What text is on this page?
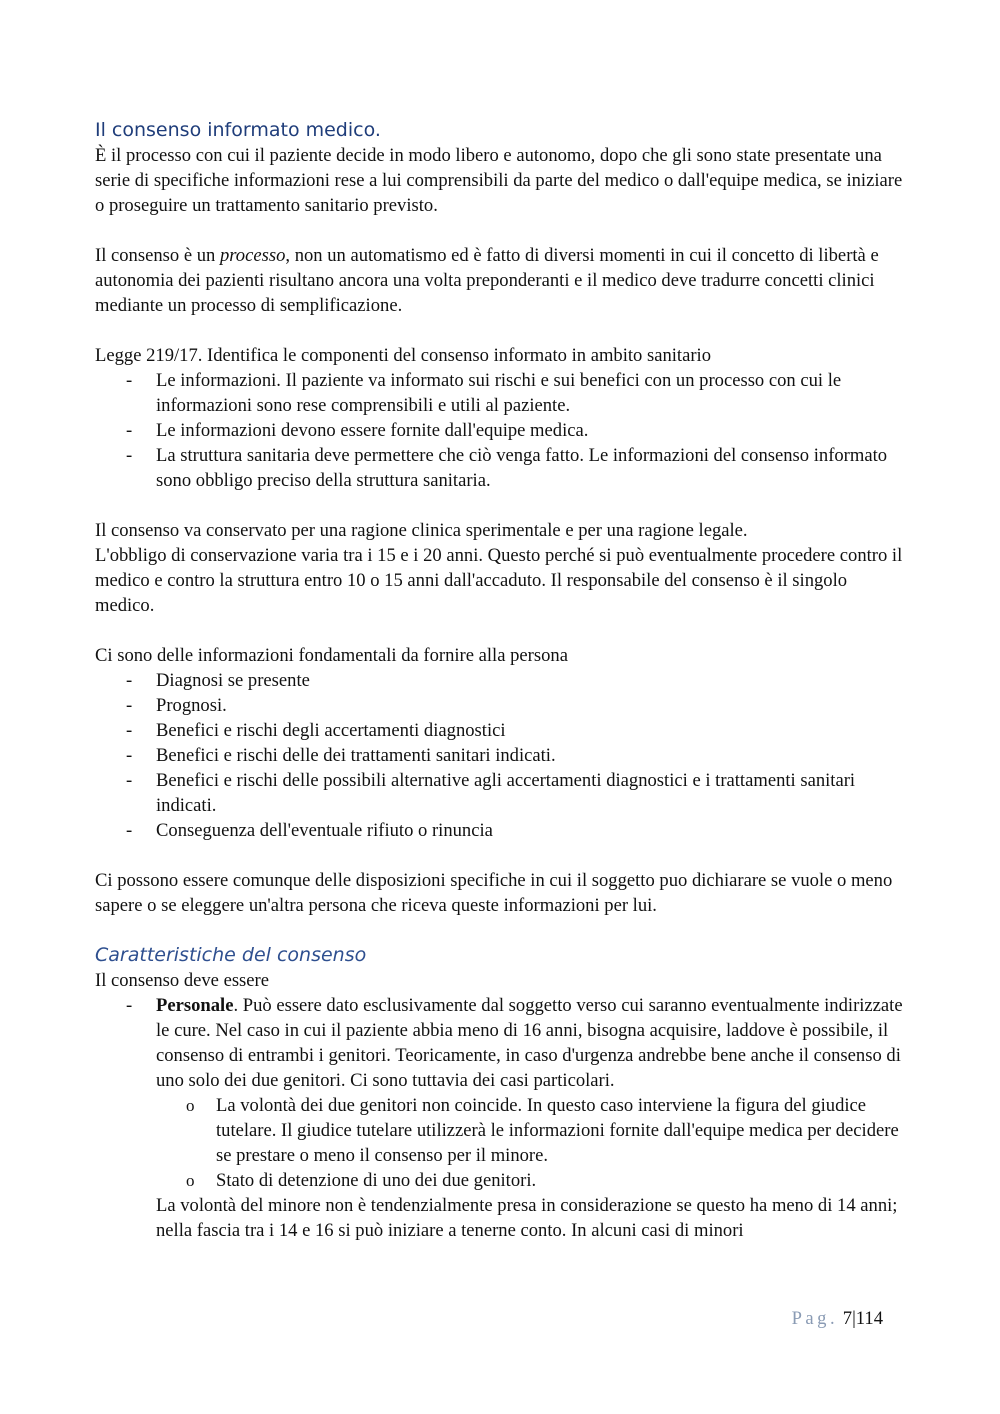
Il consenso informato medico.

È il processo con cui il paziente decide in modo libero e autonomo, dopo che gli sono state presentate una serie di specifiche informazioni rese a lui comprensibili da parte del medico o dall'equipe medica, se iniziare o proseguire un trattamento sanitario previsto.

Il consenso è un processo, non un automatismo ed è fatto di diversi momenti in cui il concetto di libertà e autonomia dei pazienti risultano ancora una volta preponderanti e il medico deve tradurre concetti clinici mediante un processo di semplificazione.

Legge 219/17. Identifica le componenti del consenso informato in ambito sanitario

- Le informazioni. Il paziente va informato sui rischi e sui benefici con un processo con cui le informazioni sono rese comprensibili e utili al paziente.
- Le informazioni devono essere fornite dall'equipe medica.
- La struttura sanitaria deve permettere che ciò venga fatto. Le informazioni del consenso informato sono obbligo preciso della struttura sanitaria.

Il consenso va conservato per una ragione clinica sperimentale e per una ragione legale.

L'obbligo di conservazione varia tra i 15 e i 20 anni. Questo perché si può eventualmente procedere contro il medico e contro la struttura entro 10 o 15 anni dall'accaduto. Il responsabile del consenso è il singolo medico.

Ci sono delle informazioni fondamentali da fornire alla persona

- Diagnosi se presente
- Prognosi.
- Benefici e rischi degli accertamenti diagnostici
- Benefici e rischi delle dei trattamenti sanitari indicati.
- Benefici e rischi delle possibili alternative agli accertamenti diagnostici e i trattamenti sanitari indicati.
- Conseguenza dell'eventuale rifiuto o rinuncia

Ci possono essere comunque delle disposizioni specifiche in cui il soggetto puo dichiarare se vuole o meno sapere o se eleggere un'altra persona che riceva queste informazioni per lui.

Caratteristiche del consenso

Il consenso deve essere

- Personale. Può essere dato esclusivamente dal soggetto verso cui saranno eventualmente indirizzate le cure. Nel caso in cui il paziente abbia meno di 16 anni, bisogna acquisire, laddove è possibile, il consenso di entrambi i genitori. Teoricamente, in caso d'urgenza andrebbe bene anche il consenso di uno solo dei due genitori. Ci sono tuttavia dei casi particolari.
o La volontà dei due genitori non coincide. In questo caso interviene la figura del giudice tutelare. Il giudice tutelare utilizzerà le informazioni fornite dall'equipe medica per decidere se prestare o meno il consenso per il minore.
o Stato di detenzione di uno dei due genitori.

La volontà del minore non è tendenzialmente presa in considerazione se questo ha meno di 14 anni; nella fascia tra i 14 e 16 si può iniziare a tenerne conto. In alcuni casi di minori

Pag. 7|114
